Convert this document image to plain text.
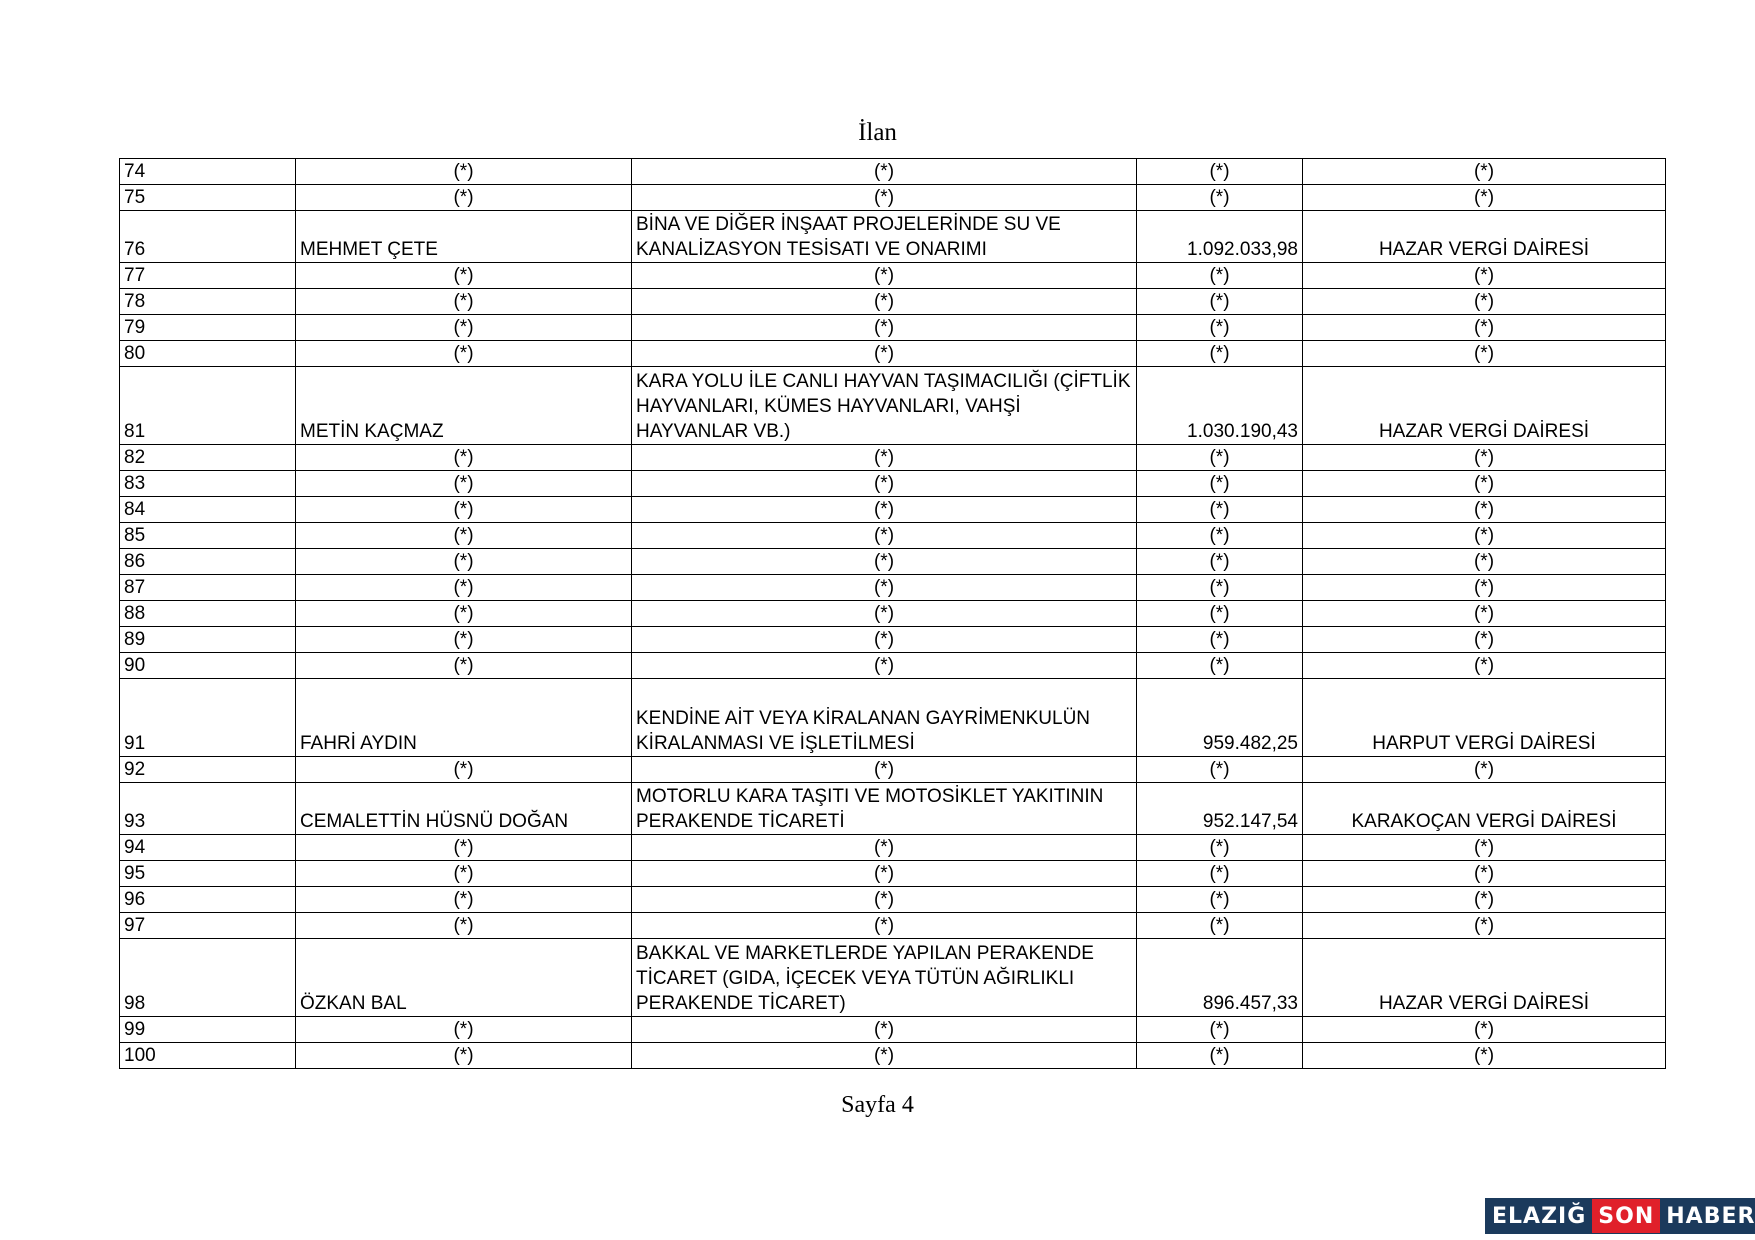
İlan
74	(*)	(*)	(*)	(*)
75	(*)	(*)	(*)	(*)
76	MEHMET ÇETE	BİNA VE DİĞER İNŞAAT PROJELERİNDE SU VE KANALİZASYON TESİSATI VE ONARIMI	1.092.033,98	HAZAR VERGİ DAİRESİ
77	(*)	(*)	(*)	(*)
78	(*)	(*)	(*)	(*)
79	(*)	(*)	(*)	(*)
80	(*)	(*)	(*)	(*)
81	METİN KAÇMAZ	KARA YOLU İLE CANLI HAYVAN TAŞIMACILIĞI (ÇİFTLİK HAYVANLARI, KÜMES HAYVANLARI, VAHŞİ HAYVANLAR VB.)	1.030.190,43	HAZAR VERGİ DAİRESİ
82	(*)	(*)	(*)	(*)
83	(*)	(*)	(*)	(*)
84	(*)	(*)	(*)	(*)
85	(*)	(*)	(*)	(*)
86	(*)	(*)	(*)	(*)
87	(*)	(*)	(*)	(*)
88	(*)	(*)	(*)	(*)
89	(*)	(*)	(*)	(*)
90	(*)	(*)	(*)	(*)
91	FAHRİ AYDIN	KENDİNE AİT VEYA KİRALANAN GAYRİMENKULÜN KİRALANMASI VE İŞLETİLMESİ	959.482,25	HARPUT VERGİ DAİRESİ
92	(*)	(*)	(*)	(*)
93	CEMALETTİN HÜSNÜ DOĞAN	MOTORLU KARA TAŞITI VE MOTOSİKLET YAKITININ PERAKENDE TİCARETİ	952.147,54	KARAKOÇAN VERGİ DAİRESİ
94	(*)	(*)	(*)	(*)
95	(*)	(*)	(*)	(*)
96	(*)	(*)	(*)	(*)
97	(*)	(*)	(*)	(*)
98	ÖZKAN BAL	BAKKAL VE MARKETLERDE YAPILAN PERAKENDE TİCARET (GIDA, İÇECEK VEYA TÜTÜN AĞIRLIKLI PERAKENDE TİCARET)	896.457,33	HAZAR VERGİ DAİRESİ
99	(*)	(*)	(*)	(*)
100	(*)	(*)	(*)	(*)
Sayfa 4
ELAZIĞ SON HABER
